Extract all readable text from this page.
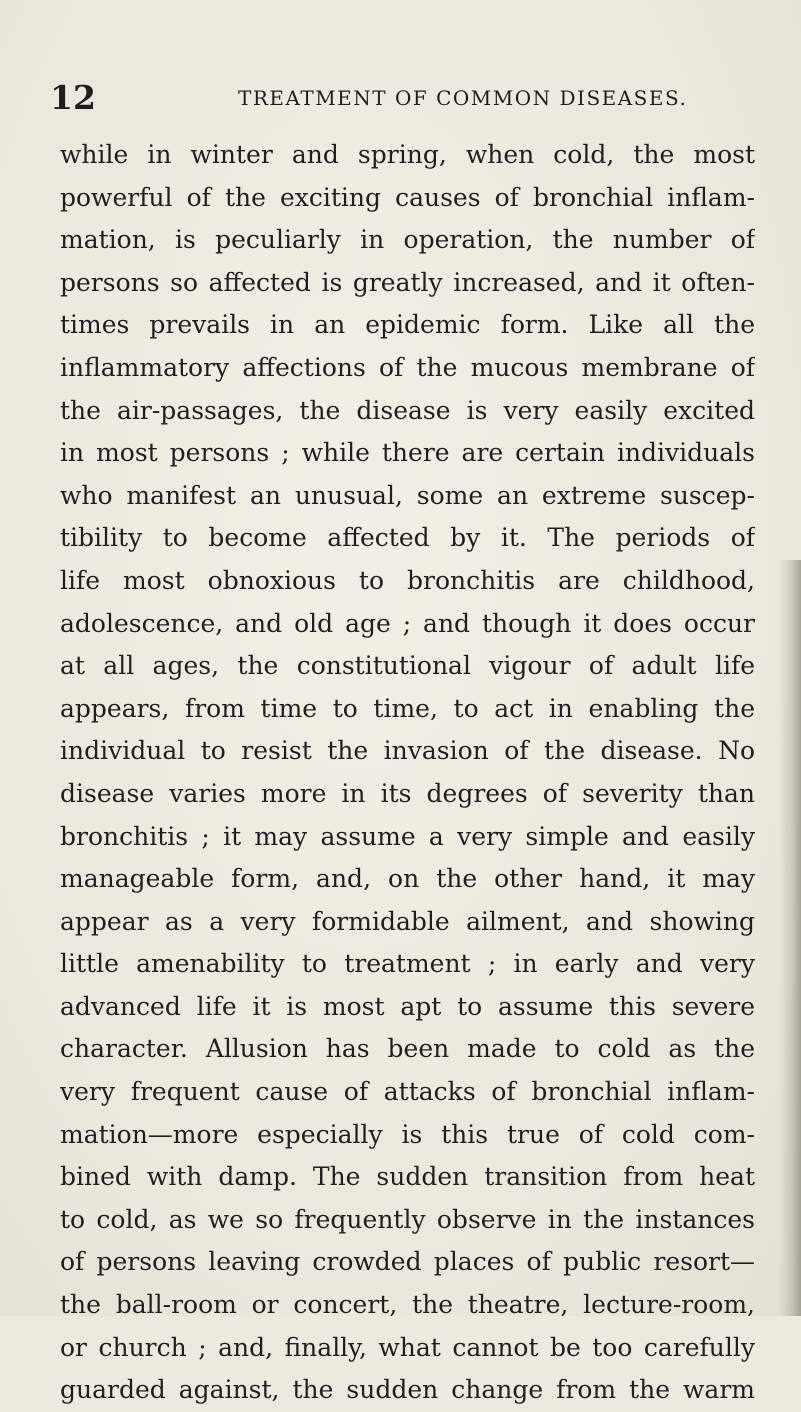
12	TREATMENT OF COMMON DISEASES.
while in winter and spring, when cold, the most
powerful of the exciting causes of bronchial inflam-
mation, is peculiarly in operation, the number of
persons so affected is greatly increased, and it often-
times prevails in an epidemic form. Like all the
inflammatory affections of the mucous membrane of
the air-passages, the disease is very easily excited
in most persons ; while there are certain individuals
who manifest an unusual, some an extreme suscep-
tibility to become affected by it. The periods of
life most obnoxious to bronchitis are childhood,
adolescence, and old age ; and though it does occur
at all ages, the constitutional vigour of adult life
appears, from time to time, to act in enabling the
individual to resist the invasion of the disease. No
disease varies more in its degrees of severity than
bronchitis ; it may assume a very simple and easily
manageable form, and, on the other hand, it may
appear as a very formidable ailment, and showing
little amenability to treatment ; in early and very
advanced life it is most apt to assume this severe
character. Allusion has been made to cold as the
very frequent cause of attacks of bronchial inflam-
mation—more especially is this true of cold com-
bined with damp. The sudden transition from heat
to cold, as we so frequently observe in the instances
of persons leaving crowded places of public resort—
the ball-room or concert, the theatre, lecture-room,
or church ; and, finally, what cannot be too carefully
guarded against, the sudden change from the warm
